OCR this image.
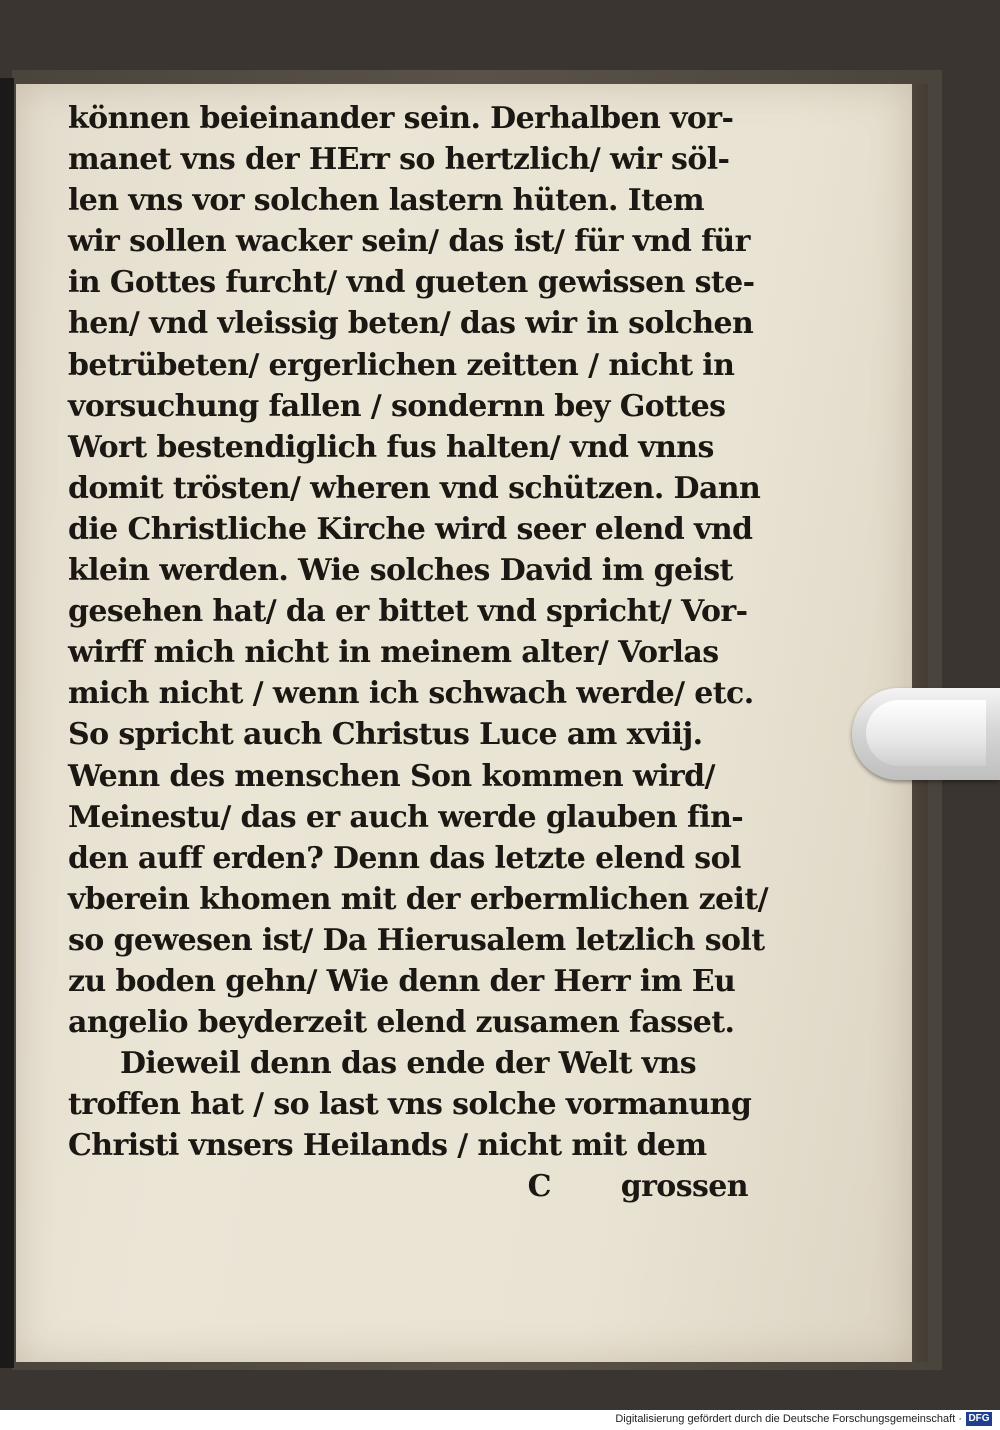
können beieinander sein. Derhalben vor-
manet vns der HErr so hertzlich/ wir söl-
len vns vor solchen lastern hüten. Item
wir sollen wacker sein/ das ist/ für vnd für
in Gottes furcht/ vnd gueten gewissen ste-
hen/ vnd vleissig beten/ das wir in solchen
betrübeten/ ergerlichen zeitten / nicht in
vorsuchung fallen / sondernn bey Gottes
Wort bestendiglich fus halten/ vnd vnns
domit trösten/ wheren vnd schützen. Dann
die Christliche Kirche wird seer elend vnd
klein werden. Wie solches David im geist
gesehen hat/ da er bittet vnd spricht/ Vor-
wirff mich nicht in meinem alter/ Vorlas
mich nicht / wenn ich schwach werde/ etc.
So spricht auch Christus Luce am xviij.
Wenn des menschen Son kommen wird/
Meinestu/ das er auch werde glauben fin-
den auff erden? Denn das letzte elend sol
vberein khomen mit der erbermlichen zeit/
so gewesen ist/ Da Hierusalem letzlich solt
zu boden gehn/ Wie denn der Herr im Eu
angelio beyderzeit elend zusamen fasset.
Dieweil denn das ende der Welt vns
troffen hat / so last vns solche vormanung
Christi vnsers Heilands / nicht mit dem
C grossen
Digitalisierung gefördert durch die Deutsche Forschungsgemeinschaft · DFG
